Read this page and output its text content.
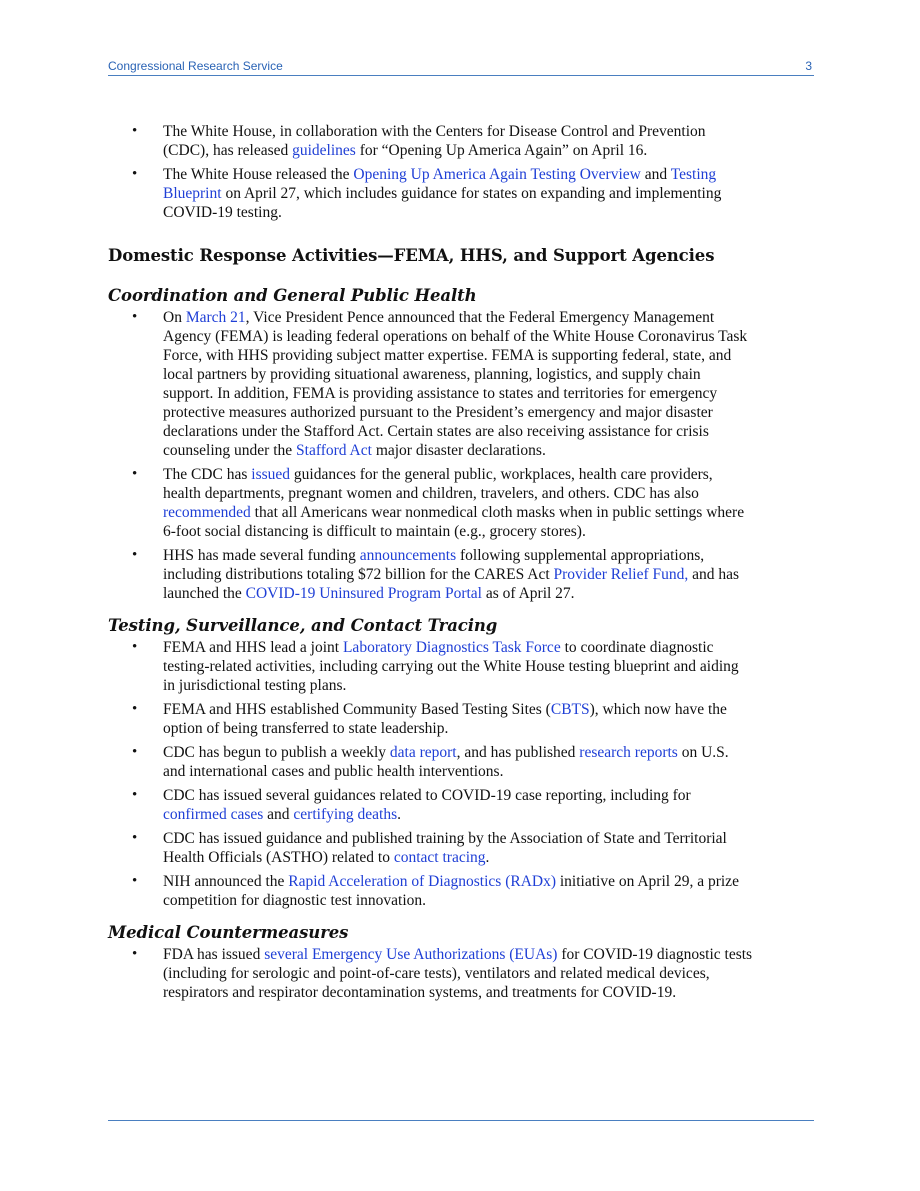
Congressional Research Service	3
• The White House, in collaboration with the Centers for Disease Control and Prevention (CDC), has released guidelines for “Opening Up America Again” on April 16.
• The White House released the Opening Up America Again Testing Overview and Testing Blueprint on April 27, which includes guidance for states on expanding and implementing COVID-19 testing.
Domestic Response Activities—FEMA, HHS, and Support Agencies
Coordination and General Public Health
• On March 21, Vice President Pence announced that the Federal Emergency Management Agency (FEMA) is leading federal operations on behalf of the White House Coronavirus Task Force, with HHS providing subject matter expertise. FEMA is supporting federal, state, and local partners by providing situational awareness, planning, logistics, and supply chain support. In addition, FEMA is providing assistance to states and territories for emergency protective measures authorized pursuant to the President’s emergency and major disaster declarations under the Stafford Act. Certain states are also receiving assistance for crisis counseling under the Stafford Act major disaster declarations.
• The CDC has issued guidances for the general public, workplaces, health care providers, health departments, pregnant women and children, travelers, and others. CDC has also recommended that all Americans wear nonmedical cloth masks when in public settings where 6-foot social distancing is difficult to maintain (e.g., grocery stores).
• HHS has made several funding announcements following supplemental appropriations, including distributions totaling $72 billion for the CARES Act Provider Relief Fund, and has launched the COVID-19 Uninsured Program Portal as of April 27.
Testing, Surveillance, and Contact Tracing
• FEMA and HHS lead a joint Laboratory Diagnostics Task Force to coordinate diagnostic testing-related activities, including carrying out the White House testing blueprint and aiding in jurisdictional testing plans.
• FEMA and HHS established Community Based Testing Sites (CBTS), which now have the option of being transferred to state leadership.
• CDC has begun to publish a weekly data report, and has published research reports on U.S. and international cases and public health interventions.
• CDC has issued several guidances related to COVID-19 case reporting, including for confirmed cases and certifying deaths.
• CDC has issued guidance and published training by the Association of State and Territorial Health Officials (ASTHO) related to contact tracing.
• NIH announced the Rapid Acceleration of Diagnostics (RADx) initiative on April 29, a prize competition for diagnostic test innovation.
Medical Countermeasures
• FDA has issued several Emergency Use Authorizations (EUAs) for COVID-19 diagnostic tests (including for serologic and point-of-care tests), ventilators and related medical devices, respirators and respirator decontamination systems, and treatments for COVID-19.
